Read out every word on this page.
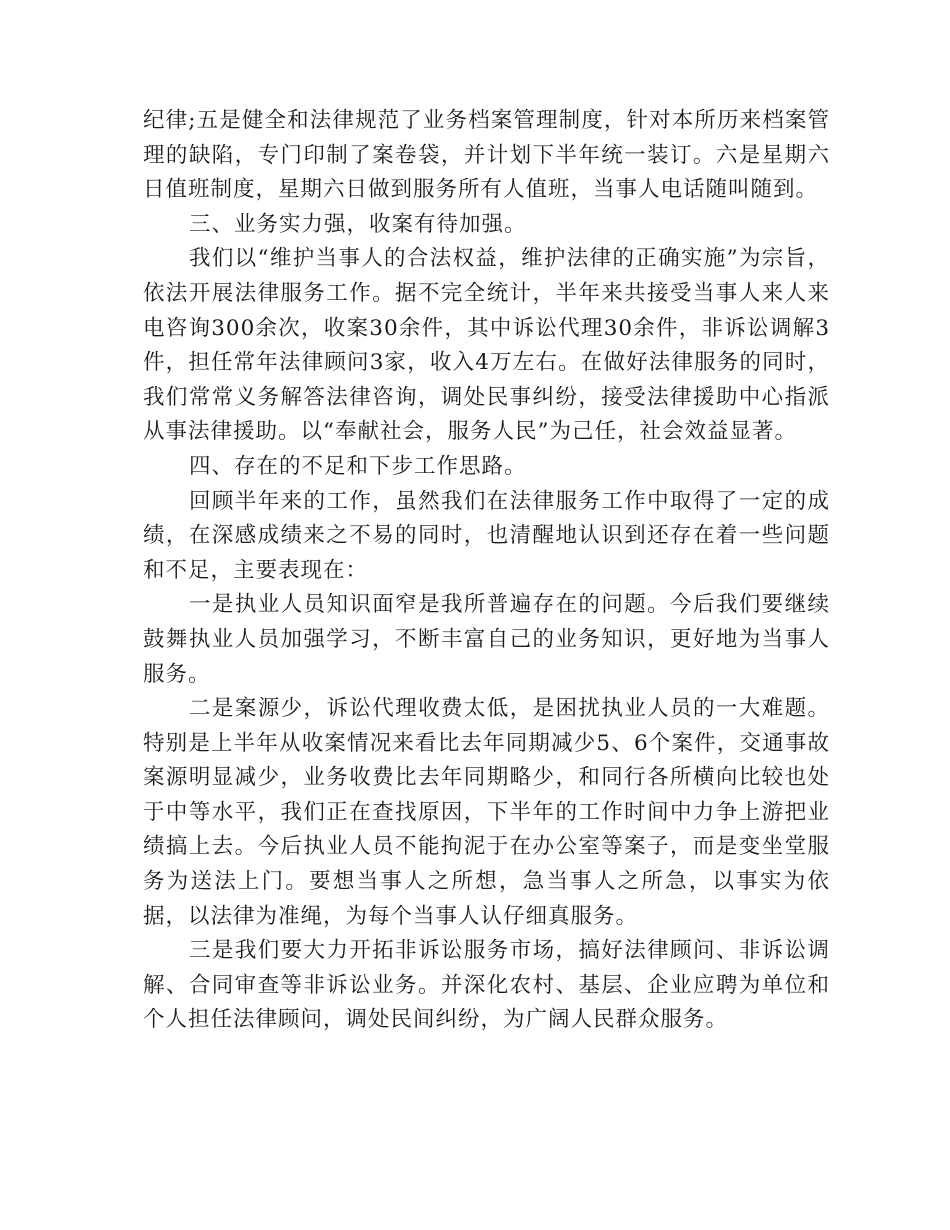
纪律;五是健全和法律规范了业务档案管理制度，针对本所历来档案管理的缺陷，专门印制了案卷袋，并计划下半年统一装订。六是星期六日值班制度，星期六日做到服务所有人值班，当事人电话随叫随到。

三、业务实力强，收案有待加强。

我们以“维护当事人的合法权益，维护法律的正确实施”为宗旨，依法开展法律服务工作。据不完全统计，半年来共接受当事人来人来电咨询300余次，收案30余件，其中诉讼代理30余件，非诉讼调解3件，担任常年法律顾问3家，收入4万左右。在做好法律服务的同时，我们常常义务解答法律咨询，调处民事纠纷，接受法律援助中心指派从事法律援助。以“奉献社会，服务人民”为己任，社会效益显著。

四、存在的不足和下步工作思路。

回顾半年来的工作，虽然我们在法律服务工作中取得了一定的成绩，在深感成绩来之不易的同时，也清醒地认识到还存在着一些问题和不足，主要表现在：

一是执业人员知识面窄是我所普遍存在的问题。今后我们要继续鼓舞执业人员加强学习，不断丰富自己的业务知识，更好地为当事人服务。

二是案源少，诉讼代理收费太低，是困扰执业人员的一大难题。特别是上半年从收案情况来看比去年同期减少5、6个案件，交通事故案源明显减少，业务收费比去年同期略少，和同行各所横向比较也处于中等水平，我们正在查找原因，下半年的工作时间中力争上游把业绩搞上去。今后执业人员不能拘泥于在办公室等案子，而是变坐堂服务为送法上门。要想当事人之所想，急当事人之所急，以事实为依据，以法律为准绳，为每个当事人认仔细真服务。

三是我们要大力开拓非诉讼服务市场，搞好法律顾问、非诉讼调解、合同审查等非诉讼业务。并深化农村、基层、企业应聘为单位和个人担任法律顾问，调处民间纠纷，为广阔人民群众服务。
